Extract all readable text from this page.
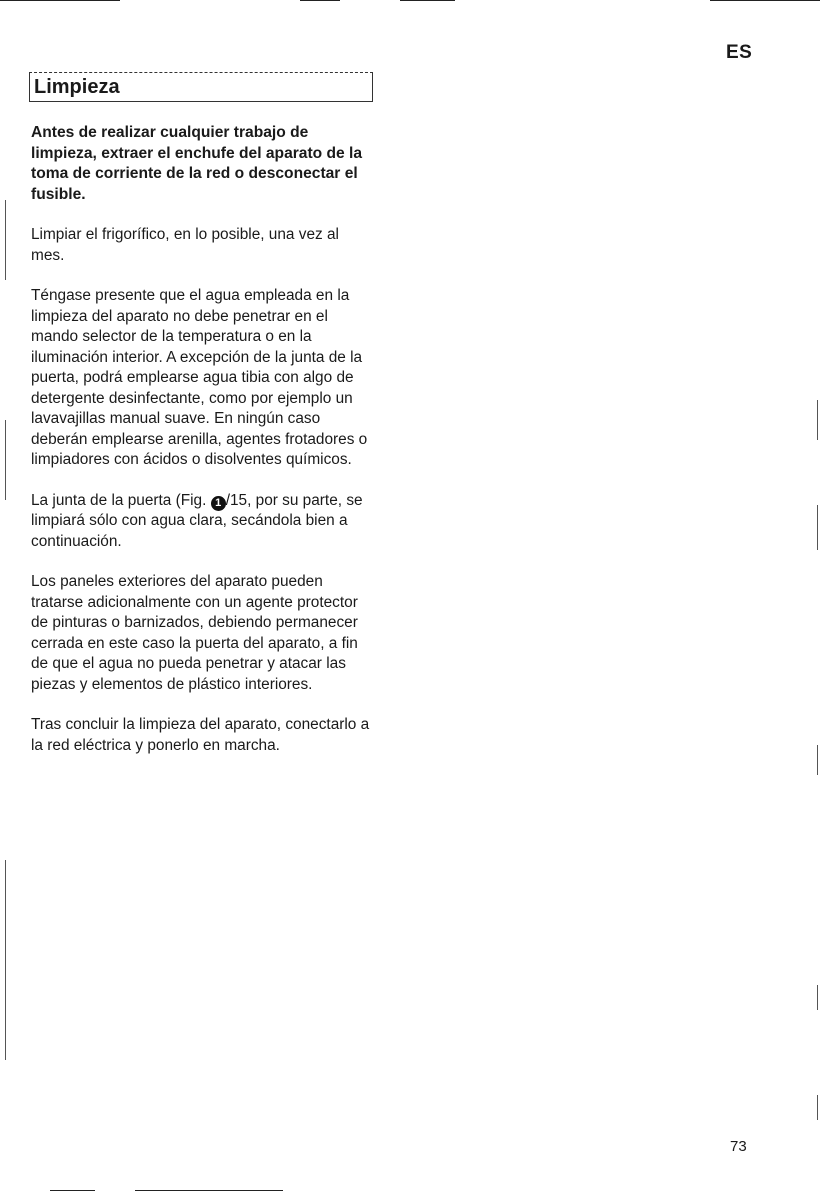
ES
Limpieza

Antes de realizar cualquier trabajo de limpieza, extraer el enchufe del aparato de la toma de corriente de la red o desconectar el fusible.

Limpiar el frigorífico, en lo posible, una vez al mes.

Téngase presente que el agua empleada en la limpieza del aparato no debe penetrar en el mando selector de la temperatura o en la iluminación interior. A excepción de la junta de la puerta, podrá emplearse agua tibia con algo de detergente desinfectante, como por ejemplo un lavavajillas manual suave. En ningún caso deberán emplearse arenilla, agentes frotadores o limpiadores con ácidos o disolventes químicos.

La junta de la puerta (Fig. 1 /15, por su parte, se limpiará sólo con agua clara, secándola bien a continuación.

Los paneles exteriores del aparato pueden tratarse adicionalmente con un agente protector de pinturas o barnizados, debiendo permanecer cerrada en este caso la puerta del aparato, a fin de que el agua no pueda penetrar y atacar las piezas y elementos de plástico interiores.

Tras concluir la limpieza del aparato, conectarlo a la red eléctrica y ponerlo en marcha.

73
